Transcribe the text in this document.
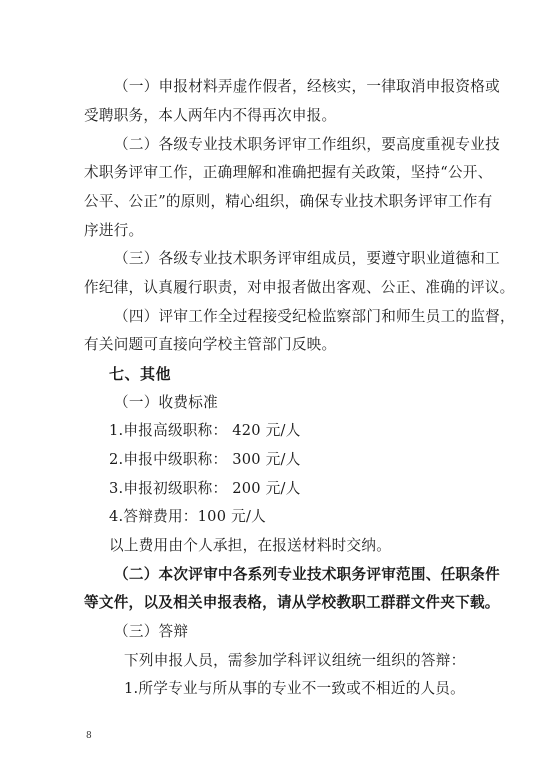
（一）申报材料弄虚作假者，经核实，一律取消申报资格或
受聘职务，本人两年内不得再次申报。
（二）各级专业技术职务评审工作组织，要高度重视专业技
术职务评审工作，正确理解和准确把握有关政策，坚持“公开、
公平、公正”的原则，精心组织，确保专业技术职务评审工作有
序进行。
（三）各级专业技术职务评审组成员，要遵守职业道德和工
作纪律，认真履行职责，对申报者做出客观、公正、准确的评议。
（四）评审工作全过程接受纪检监察部门和师生员工的监督，
有关问题可直接向学校主管部门反映。
七、其他
（一）收费标准
1.申报高级职称： 420 元/人
2.申报中级职称： 300 元/人
3.申报初级职称： 200 元/人
4.答辩费用：100 元/人
以上费用由个人承担，在报送材料时交纳。
（二）本次评审中各系列专业技术职务评审范围、任职条件
等文件，以及相关申报表格，请从学校教职工群群文件夹下载。
（三）答辩
下列申报人员，需参加学科评议组统一组织的答辩：
1.所学专业与所从事的专业不一致或不相近的人员。
8
